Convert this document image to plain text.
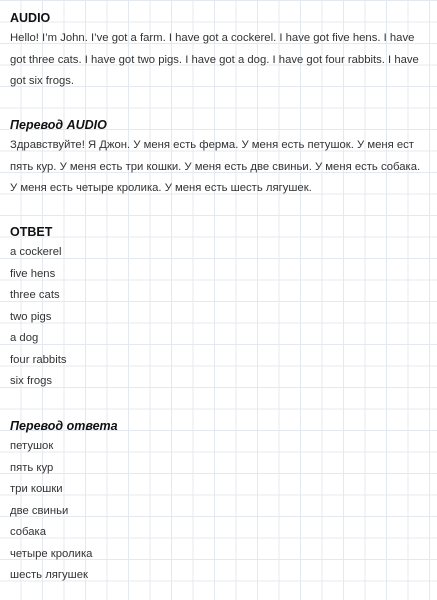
AUDIO

Hello! I’m John. I’ve got a farm. I have got a cockerel. I have got five hens. I have got three cats. I have got two pigs. I have got a dog. I have got four rabbits. I have got six frogs.

Перевод AUDIO

Здравствуйте! Я Джон. У меня есть ферма. У меня есть петушок. У меня ест пять кур. У меня есть три кошки. У меня есть две свиньи. У меня есть собака. У меня есть четыре кролика. У меня есть шесть лягушек.

ОТВЕТ
a cockerel
five hens
three cats
two pigs
a dog
four rabbits
six frogs
Перевод ответа
петушок
пять кур
три кошки
две свиньи
собака
четыре кролика
шесть лягушек
